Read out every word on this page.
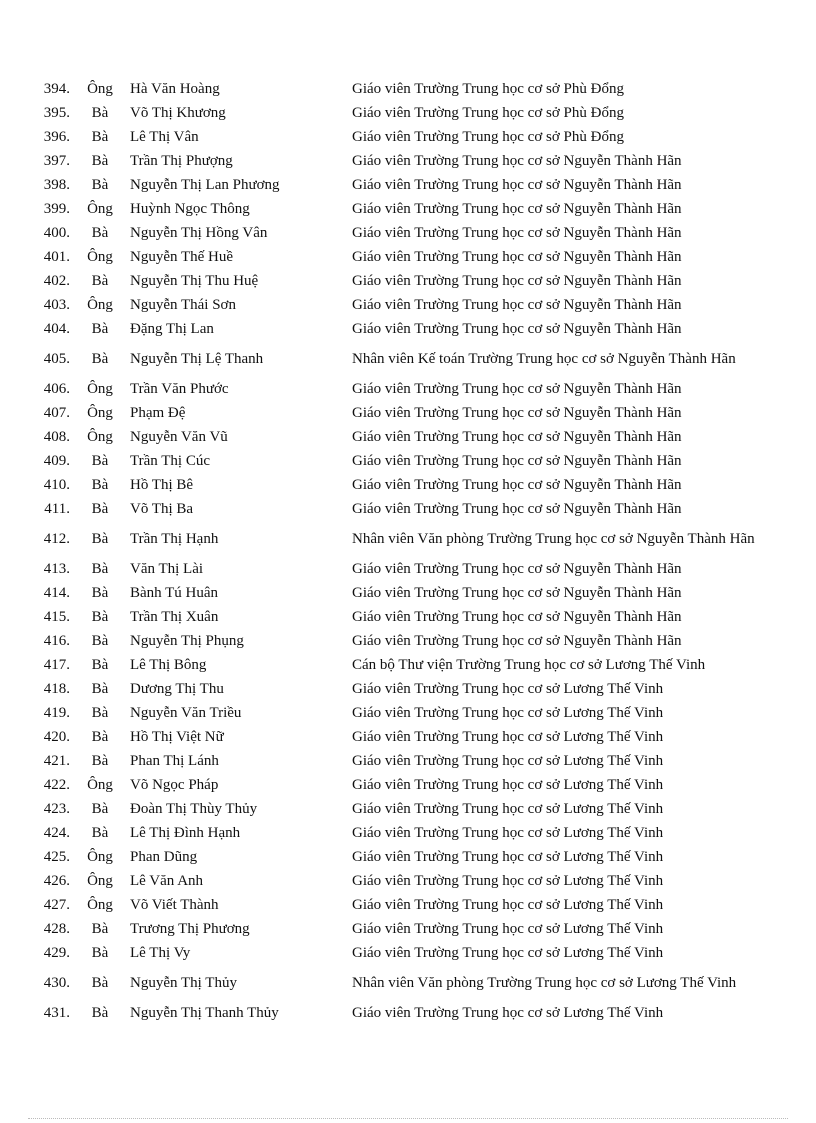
394.	Ông	Hà Văn Hoàng	Giáo viên Trường Trung học cơ sở Phù Đổng
395.	Bà	Võ Thị Khương	Giáo viên Trường Trung học cơ sở Phù Đổng
396.	Bà	Lê Thị Vân	Giáo viên Trường Trung học cơ sở Phù Đổng
397.	Bà	Trần Thị Phượng	Giáo viên Trường Trung học cơ sở Nguyễn Thành Hãn
398.	Bà	Nguyễn Thị Lan Phương	Giáo viên Trường Trung học cơ sở Nguyễn Thành Hãn
399.	Ông	Huỳnh Ngọc Thông	Giáo viên Trường Trung học cơ sở Nguyễn Thành Hãn
400.	Bà	Nguyễn Thị Hồng Vân	Giáo viên Trường Trung học cơ sở Nguyễn Thành Hãn
401.	Ông	Nguyễn Thế Huề	Giáo viên Trường Trung học cơ sở Nguyễn Thành Hãn
402.	Bà	Nguyễn Thị Thu Huệ	Giáo viên Trường Trung học cơ sở Nguyễn Thành Hãn
403.	Ông	Nguyễn Thái Sơn	Giáo viên Trường Trung học cơ sở Nguyễn Thành Hãn
404.	Bà	Đặng Thị Lan	Giáo viên Trường Trung học cơ sở Nguyễn Thành Hãn
405.	Bà	Nguyễn Thị Lệ Thanh	Nhân viên Kế toán Trường Trung học cơ sở Nguyễn Thành Hãn
406.	Ông	Trần Văn Phước	Giáo viên Trường Trung học cơ sở Nguyễn Thành Hãn
407.	Ông	Phạm Đệ	Giáo viên Trường Trung học cơ sở Nguyễn Thành Hãn
408.	Ông	Nguyễn Văn Vũ	Giáo viên Trường Trung học cơ sở Nguyễn Thành Hãn
409.	Bà	Trần Thị Cúc	Giáo viên Trường Trung học cơ sở Nguyễn Thành Hãn
410.	Bà	Hồ Thị Bê	Giáo viên Trường Trung học cơ sở Nguyễn Thành Hãn
411.	Bà	Võ Thị Ba	Giáo viên Trường Trung học cơ sở Nguyễn Thành Hãn
412.	Bà	Trần Thị Hạnh	Nhân viên Văn phòng Trường Trung học cơ sở Nguyễn Thành Hãn
413.	Bà	Văn Thị Lài	Giáo viên Trường Trung học cơ sở Nguyễn Thành Hãn
414.	Bà	Bành Tú Huân	Giáo viên Trường Trung học cơ sở Nguyễn Thành Hãn
415.	Bà	Trần Thị Xuân	Giáo viên Trường Trung học cơ sở Nguyễn Thành Hãn
416.	Bà	Nguyễn Thị Phụng	Giáo viên Trường Trung học cơ sở Nguyễn Thành Hãn
417.	Bà	Lê Thị Bông	Cán bộ Thư viện Trường Trung học cơ sở Lương Thế Vinh
418.	Bà	Dương Thị Thu	Giáo viên Trường Trung học cơ sở Lương Thế Vinh
419.	Bà	Nguyễn Văn Triều	Giáo viên Trường Trung học cơ sở Lương Thế Vinh
420.	Bà	Hồ Thị Việt Nữ	Giáo viên Trường Trung học cơ sở Lương Thế Vinh
421.	Bà	Phan Thị Lánh	Giáo viên Trường Trung học cơ sở Lương Thế Vinh
422.	Ông	Võ Ngọc Pháp	Giáo viên Trường Trung học cơ sở Lương Thế Vinh
423.	Bà	Đoàn Thị Thùy Thủy	Giáo viên Trường Trung học cơ sở Lương Thế Vinh
424.	Bà	Lê Thị Đình Hạnh	Giáo viên Trường Trung học cơ sở Lương Thế Vinh
425.	Ông	Phan Dũng	Giáo viên Trường Trung học cơ sở Lương Thế Vinh
426.	Ông	Lê Văn Anh	Giáo viên Trường Trung học cơ sở Lương Thế Vinh
427.	Ông	Võ Viết Thành	Giáo viên Trường Trung học cơ sở Lương Thế Vinh
428.	Bà	Trương Thị Phương	Giáo viên Trường Trung học cơ sở Lương Thế Vinh
429.	Bà	Lê Thị Vy	Giáo viên Trường Trung học cơ sở Lương Thế Vinh
430.	Bà	Nguyễn Thị Thủy	Nhân viên Văn phòng Trường Trung học cơ sở Lương Thế Vinh
431.	Bà	Nguyễn Thị Thanh Thủy	Giáo viên Trường Trung học cơ sở Lương Thế Vinh
